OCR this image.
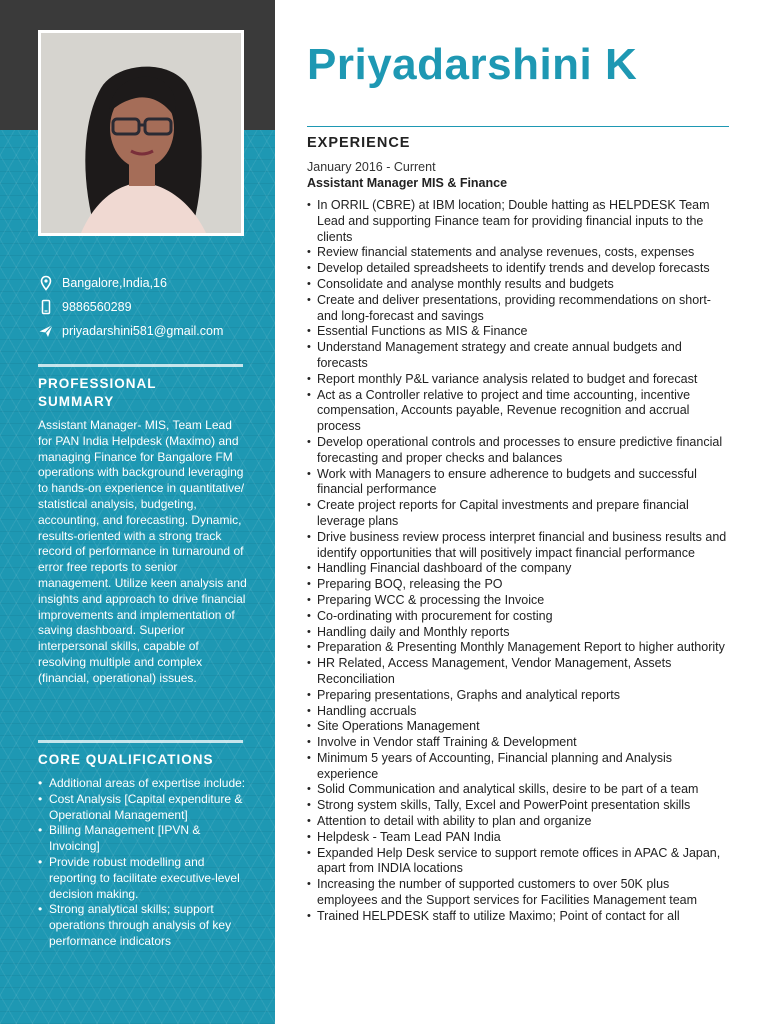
Bangalore,India,16
9886560289
priyadarshini581@gmail.com
PROFESSIONAL
SUMMARY
Assistant Manager- MIS, Team Lead for PAN India Helpdesk (Maximo) and managing Finance for Bangalore FM operations with background leveraging to hands-on experience in quantitative/ statistical analysis, budgeting, accounting, and forecasting. Dynamic, results-oriented with a strong track record of performance in turnaround of error free reports to senior management. Utilize keen analysis and insights and approach to drive financial improvements and implementation of saving dashboard. Superior interpersonal skills, capable of resolving multiple and complex (financial, operational) issues.
CORE QUALIFICATIONS
• Additional areas of expertise include:
• Cost Analysis [Capital expenditure & Operational Management]
• Billing Management [IPVN & Invoicing]
• Provide robust modelling and reporting to facilitate executive-level decision making.
• Strong analytical skills; support operations through analysis of key performance indicators
Priyadarshini K
EXPERIENCE
January 2016 - Current
Assistant Manager MIS & Finance
• In ORRIL (CBRE) at IBM location; Double hatting as HELPDESK Team Lead and supporting Finance team for providing financial inputs to the clients
• Review financial statements and analyse revenues, costs, expenses
• Develop detailed spreadsheets to identify trends and develop forecasts
• Consolidate and analyse monthly results and budgets
• Create and deliver presentations, providing recommendations on short- and long-forecast and savings
• Essential Functions as MIS & Finance
• Understand Management strategy and create annual budgets and forecasts
• Report monthly P&L variance analysis related to budget and forecast
• Act as a Controller relative to project and time accounting, incentive compensation, Accounts payable, Revenue recognition and accrual process
• Develop operational controls and processes to ensure predictive financial forecasting and proper checks and balances
• Work with Managers to ensure adherence to budgets and successful financial performance
• Create project reports for Capital investments and prepare financial leverage plans
• Drive business review process interpret financial and business results and identify opportunities that will positively impact financial performance
• Handling Financial dashboard of the company
• Preparing BOQ, releasing the PO
• Preparing WCC & processing the Invoice
• Co-ordinating with procurement for costing
• Handling daily and Monthly reports
• Preparation & Presenting Monthly Management Report to higher authority
• HR Related, Access Management, Vendor Management, Assets Reconciliation
• Preparing presentations, Graphs and analytical reports
• Handling accruals
• Site Operations Management
• Involve in Vendor staff Training & Development
• Minimum 5 years of Accounting, Financial planning and Analysis experience
• Solid Communication and analytical skills, desire to be part of a team
• Strong system skills, Tally, Excel and PowerPoint presentation skills
• Attention to detail with ability to plan and organize
• Helpdesk - Team Lead PAN India
• Expanded Help Desk service to support remote offices in APAC & Japan, apart from INDIA locations
• Increasing the number of supported customers to over 50K plus employees and the Support services for Facilities Management team
• Trained HELPDESK staff to utilize Maximo; Point of contact for all
